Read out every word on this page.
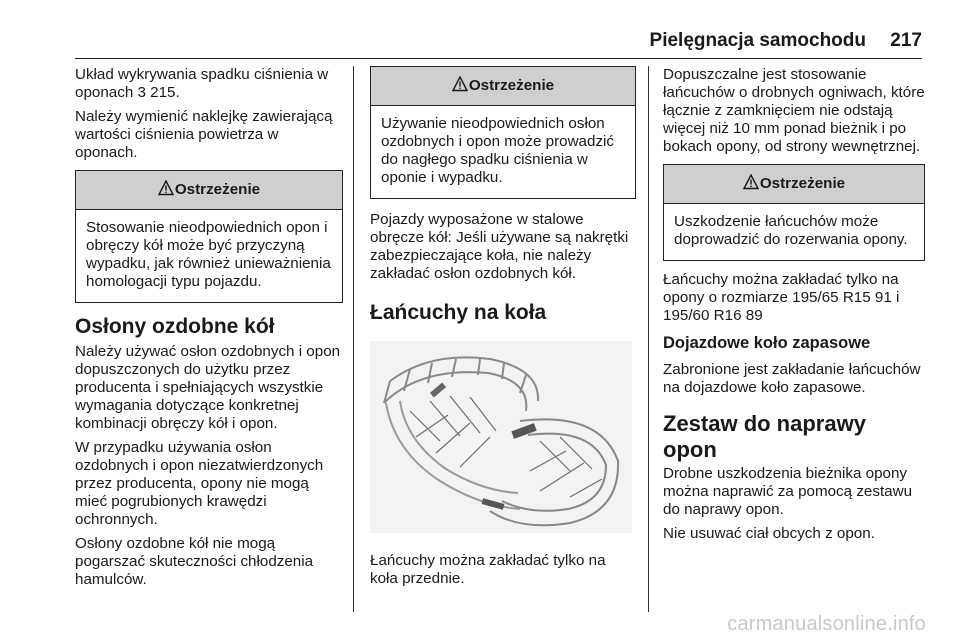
Pielęgnacja samochodu 217

Układ wykrywania spadku ciśnienia w oponach 3 215.

Należy wymienić naklejkę zawierającą wartości ciśnienia powietrza w oponach.

Ostrzeżenie
Stosowanie nieodpowiednich opon i obręczy kół może być przyczyną wypadku, jak również unieważnienia homologacji typu pojazdu.
Osłony ozdobne kół

Należy używać osłon ozdobnych i opon dopuszczonych do użytku przez producenta i spełniających wszystkie wymagania dotyczące konkretnej kombinacji obręczy kół i opon.

W przypadku używania osłon ozdobnych i opon niezatwierdzonych przez producenta, opony nie mogą mieć pogrubionych krawędzi ochronnych.

Osłony ozdobne kół nie mogą pogarszać skuteczności chłodzenia hamulców.

Ostrzeżenie
Używanie nieodpowiednich osłon ozdobnych i opon może prowadzić do nagłego spadku ciśnienia w oponie i wypadku.

Pojazdy wyposażone w stalowe obręcze kół: Jeśli używane są nakrętki zabezpieczające koła, nie należy zakładać osłon ozdobnych kół.

Łańcuchy na koła

Łańcuchy można zakładać tylko na koła przednie.

Dopuszczalne jest stosowanie łańcuchów o drobnych ogniwach, które łącznie z zamknięciem nie odstają więcej niż 10 mm ponad bieżnik i po bokach opony, od strony wewnętrznej.

Ostrzeżenie
Uszkodzenie łańcuchów może doprowadzić do rozerwania opony.

Łańcuchy można zakładać tylko na opony o rozmiarze 195/65 R15 91 i 195/60 R16 89

Dojazdowe koło zapasowe

Zabronione jest zakładanie łańcuchów na dojazdowe koło zapasowe.

Zestaw do naprawy opon

Drobne uszkodzenia bieżnika opony można naprawić za pomocą zestawu do naprawy opon.

Nie usuwać ciał obcych z opon.

carmanualsonline.info
